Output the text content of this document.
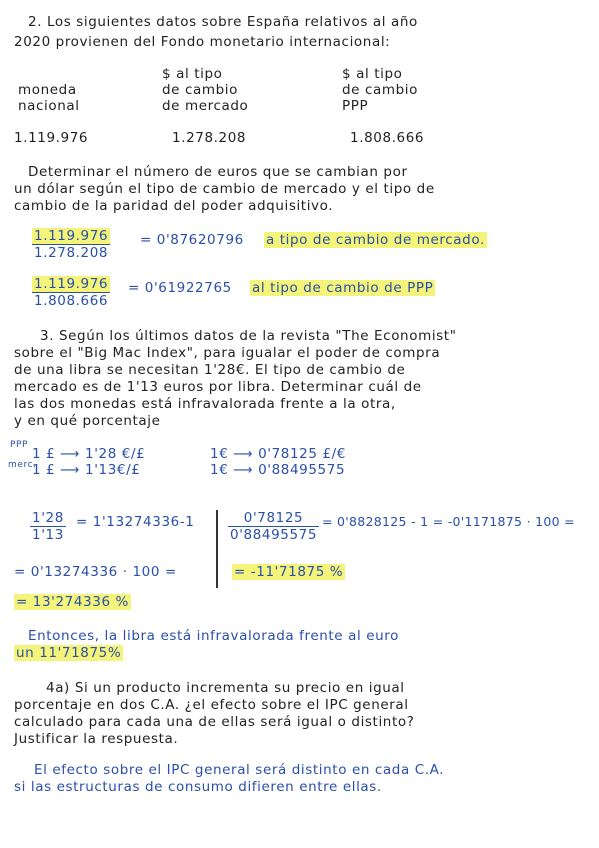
2. Los siguientes datos sobre España relativos al año
2020 provienen del Fondo monetario internacional:
moneda
nacional
$ al tipo
de cambio
de mercado
$ al tipo
de cambio
PPP
1.119.976	1.278.208	1.808.666
Determinar el número de euros que se cambian por
un dólar según el tipo de cambio de mercado y el tipo de
cambio de la paridad del poder adquisitivo.
$\frac{1.119.976}{1.278.208} = 0'87620796$ a tipo de cambio de mercado.
$\frac{1.119.976}{1.808.666} = 0'61922765$ al tipo de cambio de PPP
3. Según los últimos datos de la revista "The Economist"
sobre el "Big Mac Index", para igualar el poder de compra
de una libra se necesitan 1'28€. El tipo de cambio de
mercado es de 1'13 euros por libra. Determinar cuál de
las dos monedas está infravalorada frente a la otra,
y en qué porcentaje
PPP
merc.
1 £ ⟶ 1'28 €/£
1 £ ⟶ 1'13€/£
1€ ⟶ 0'78125 £/€
1€ ⟶ 0'88495575
$\frac{1'28}{1'13} = 1'13274336-1$
= 0'13274336 · 100 =
= 13'274336 %
$\frac{0'78125}{0'88495575} = 0'8828125 - 1 = -0'1171875 \cdot 100$ =
= -11'71875 %
Entonces, la libra está infravalorada frente al euro
un 11'71875%
4a) Si un producto incrementa su precio en igual
porcentaje en dos C.A. ¿el efecto sobre el IPC general
calculado para cada una de ellas será igual o distinto?
Justificar la respuesta.
El efecto sobre el IPC general será distinto en cada C.A.
si las estructuras de consumo difieren entre ellas.
